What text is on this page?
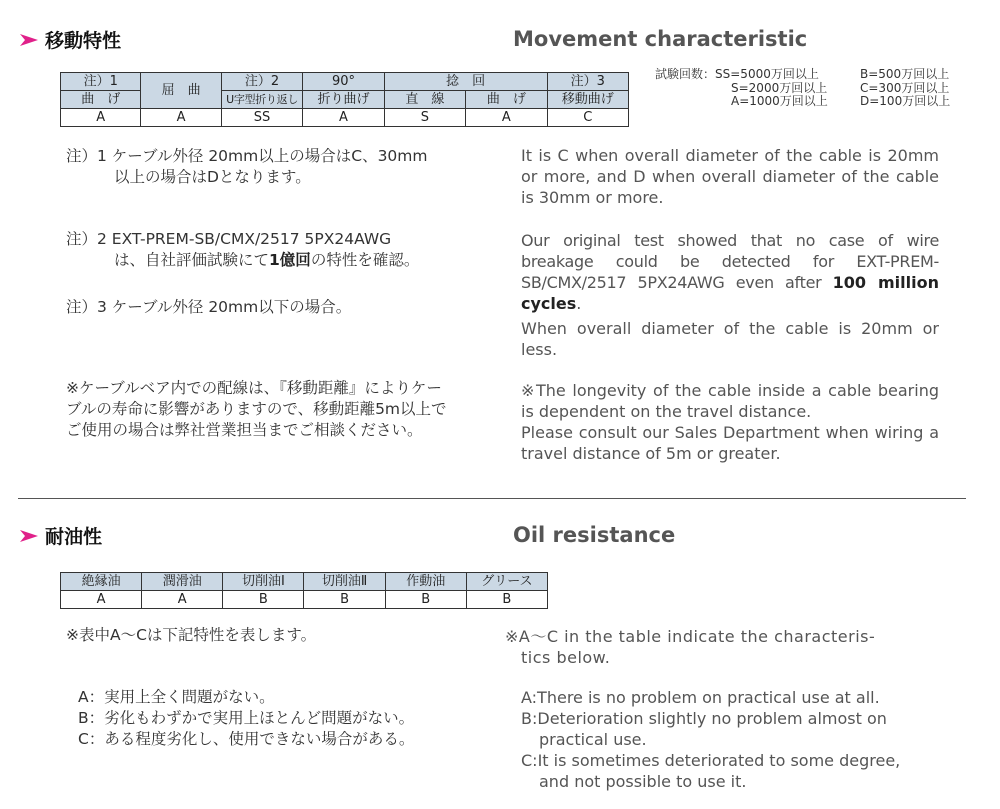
移動特性	Movement characteristic
注）1	屈　曲	注）2	90°	捻　回		注）3
曲　げ		U字型折り返し	折り曲げ	直　線	曲　げ	移動曲げ
A	A	SS	A	S	A	C
試験回数：SS=5000万回以上	B=500万回以上
S=2000万回以上	C=300万回以上
A=1000万回以上	D=100万回以上
注）1 ケーブル外径 20mm以上の場合はC、30mm
以上の場合はDとなります。
It is C when overall diameter of the cable is 20mm or more, and D when overall diameter of the cable is 30mm or more.
注）2 EXT-PREM-SB/CMX/2517 5PX24AWG
は、自社評価試験にて1億回の特性を確認。
Our original test showed that no case of wire breakage could be detected for EXT-PREM-SB/CMX/2517 5PX24AWG even after 100 million cycles.
注）3 ケーブル外径 20mm以下の場合。
When overall diameter of the cable is 20mm or less.
※ケーブルベア内での配線は、『移動距離』によりケー
ブルの寿命に影響がありますので、移動距離5m以上で
ご使用の場合は弊社営業担当までご相談ください。
※The longevity of the cable inside a cable bearing is dependent on the travel distance.
Please consult our Sales Department when wiring a travel distance of 5m or greater.
耐油性	Oil resistance
絶縁油	潤滑油	切削油Ⅰ	切削油Ⅱ	作動油	グリース
A	A	B	B	B	B
※表中A〜Cは下記特性を表します。	※A〜C in the table indicate the characteris-
tics below.
A：実用上全く問題がない。
B：劣化もわずかで実用上ほとんど問題がない。
C：ある程度劣化し、使用できない場合がある。
A:There is no problem on practical use at all.
B:Deterioration slightly no problem almost on
practical use.
C:It is sometimes deteriorated to some degree,
and not possible to use it.
